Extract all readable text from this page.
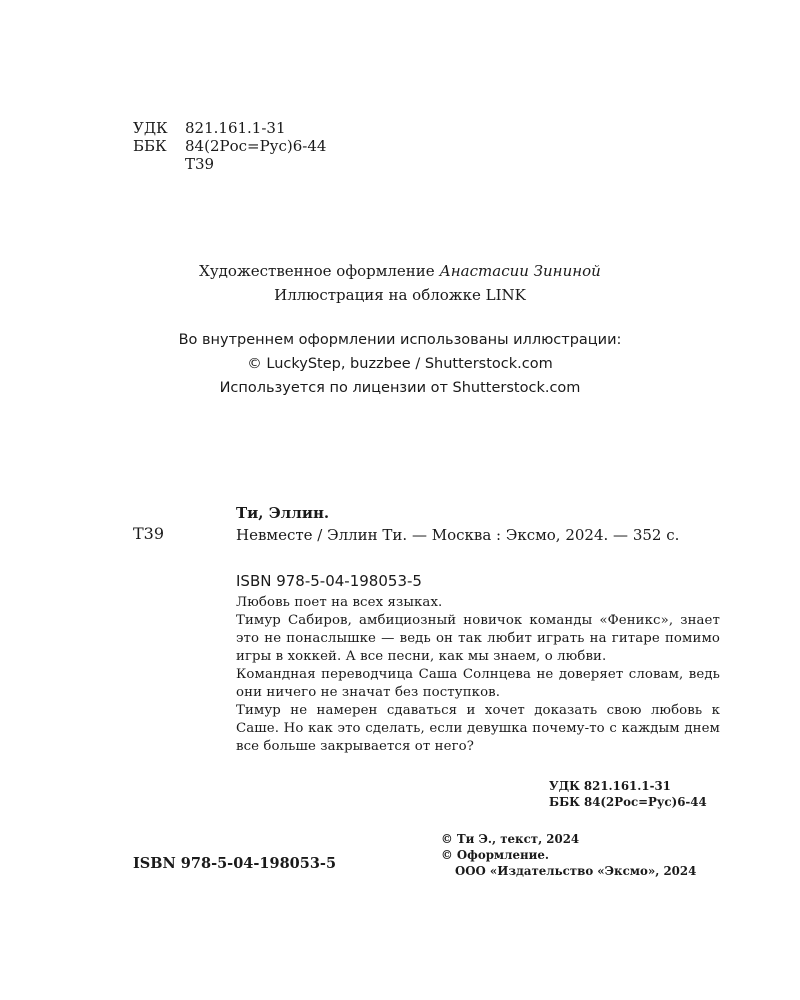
УДК 821.161.1-31
ББК 84(2Рос=Рус)6-44
Т39
Художественное оформление Анастасии Зининой
Иллюстрация на обложке LINK
Во внутреннем оформлении использованы иллюстрации:
© LuckyStep, buzzbee / Shutterstock.com
Используется по лицензии от Shutterstock.com
Ти, Эллин.
Т39	Невместе / Эллин Ти. — Москва : Эксмо, 2024. — 352 с.
ISBN 978-5-04-198053-5

Любовь поет на всех языках.

Тимур Сабиров, амбициозный новичок команды «Феникс», знает это не понаслышке — ведь он так любит играть на гитаре помимо игры в хоккей. А все песни, как мы знаем, о любви.

Командная переводчица Саша Солнцева не доверяет словам, ведь они ничего не значат без поступков.

Тимур не намерен сдаваться и хочет доказать свою любовь к Саше. Но как это сделать, если девушка почему-то с каждым днем все больше закрывается от него?

УДК 821.161.1-31
ББК 84(2Рос=Рус)6-44
ISBN 978-5-04-198053-5
© Ти Э., текст, 2024
© Оформление.
ООО «Издательство «Эксмо», 2024
